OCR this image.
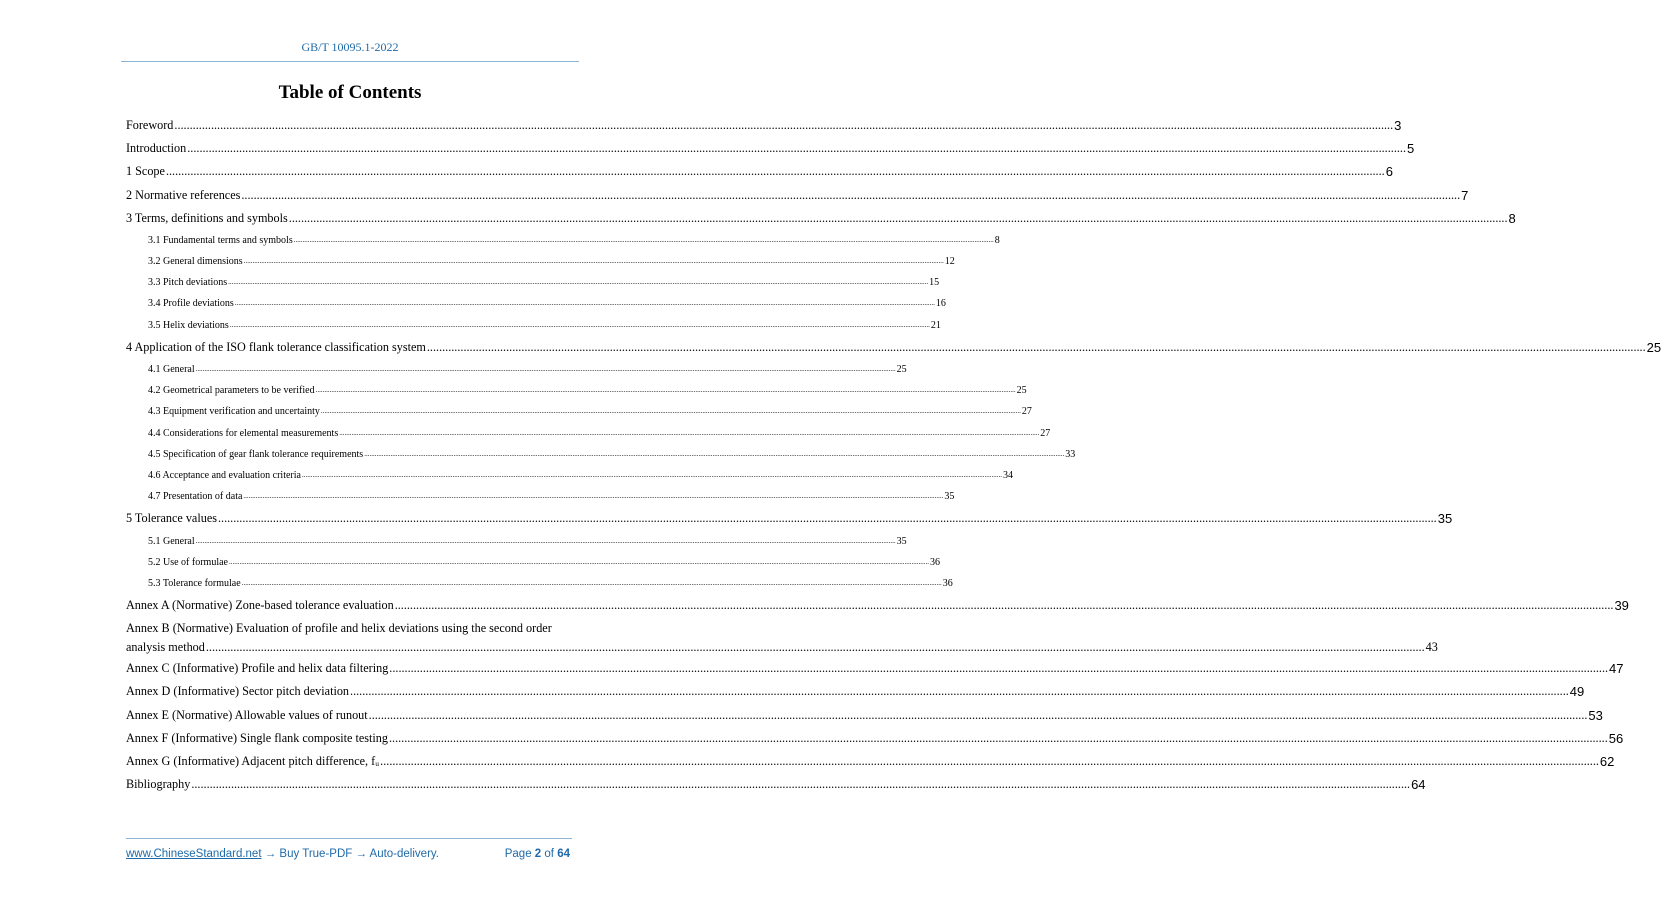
GB/T 10095.1-2022
Table of Contents
Foreword ................................................................................................................................................................................................................................................................................................................................................................................................................ 3
Introduction ................................................................................................................................................................................................................................................................................................................................................................................................................ 5
1 Scope ................................................................................................................................................................................................................................................................................................................................................................................................................ 6
2 Normative references ................................................................................................................................................................................................................................................................................................................................................................................................................ 7
3 Terms, definitions and symbols ................................................................................................................................................................................................................................................................................................................................................................................................................ 8
3.1 Fundamental terms and symbols ................................................................................................................................................................................................................................................................................................................................................................................................................ 8
3.2 General dimensions ................................................................................................................................................................................................................................................................................................................................................................................................................ 12
3.3 Pitch deviations ................................................................................................................................................................................................................................................................................................................................................................................................................ 15
3.4 Profile deviations ................................................................................................................................................................................................................................................................................................................................................................................................................ 16
3.5 Helix deviations ................................................................................................................................................................................................................................................................................................................................................................................................................ 21
4 Application of the ISO flank tolerance classification system ................................................................................................................................................................................................................................................................................................................................................................................................................ 25
4.1 General ................................................................................................................................................................................................................................................................................................................................................................................................................ 25
4.2 Geometrical parameters to be verified ................................................................................................................................................................................................................................................................................................................................................................................................................ 25
4.3 Equipment verification and uncertainty ................................................................................................................................................................................................................................................................................................................................................................................................................ 27
4.4 Considerations for elemental measurements ................................................................................................................................................................................................................................................................................................................................................................................................................ 27
4.5 Specification of gear flank tolerance requirements ................................................................................................................................................................................................................................................................................................................................................................................................................ 33
4.6 Acceptance and evaluation criteria ................................................................................................................................................................................................................................................................................................................................................................................................................ 34
4.7 Presentation of data ................................................................................................................................................................................................................................................................................................................................................................................................................ 35
5 Tolerance values ................................................................................................................................................................................................................................................................................................................................................................................................................ 35
5.1 General ................................................................................................................................................................................................................................................................................................................................................................................................................ 35
5.2 Use of formulae ................................................................................................................................................................................................................................................................................................................................................................................................................ 36
5.3 Tolerance formulae ................................................................................................................................................................................................................................................................................................................................................................................................................ 36
Annex A (Normative) Zone-based tolerance evaluation ................................................................................................................................................................................................................................................................................................................................................................................................................ 39
Annex B (Normative) Evaluation of profile and helix deviations using the second order
analysis method ................................................................................................................................................................................................................................................................................................................................................................................................................ 43
Annex C (Informative) Profile and helix data filtering ................................................................................................................................................................................................................................................................................................................................................................................................................ 47
Annex D (Informative) Sector pitch deviation ................................................................................................................................................................................................................................................................................................................................................................................................................ 49
Annex E (Normative) Allowable values of runout ................................................................................................................................................................................................................................................................................................................................................................................................................ 53
Annex F (Informative) Single flank composite testing ................................................................................................................................................................................................................................................................................................................................................................................................................ 56
Annex G (Informative) Adjacent pitch difference, fᵤ ................................................................................................................................................................................................................................................................................................................................................................................................................ 62
Bibliography ................................................................................................................................................................................................................................................................................................................................................................................................................ 64
www.ChineseStandard.net → Buy True-PDF → Auto-delivery.	Page 2 of 64
